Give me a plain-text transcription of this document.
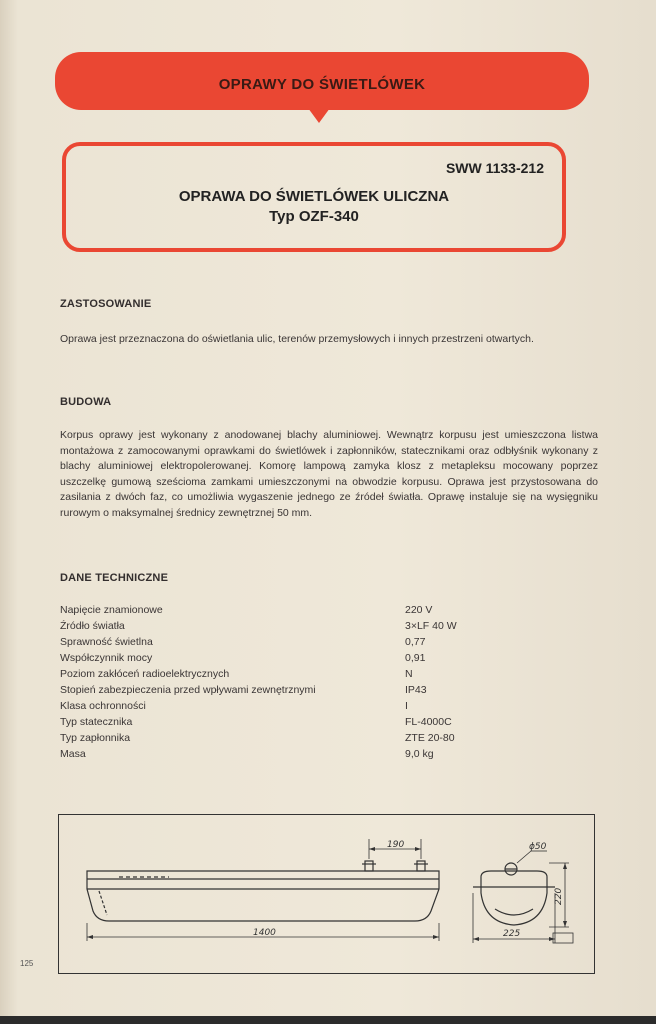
OPRAWY DO ŚWIETLÓWEK
SWW 1133-212
OPRAWA DO ŚWIETLÓWEK ULICZNA
Typ OZF-340
ZASTOSOWANIE
Oprawa jest przeznaczona do oświetlania ulic, terenów przemysłowych i innych przestrzeni otwartych.
BUDOWA
Korpus oprawy jest wykonany z anodowanej blachy aluminiowej. Wewnątrz korpusu jest umieszczona listwa montażowa z zamocowanymi oprawkami do świetlówek i zapłonników, statecznikami oraz odbłyśnik wykonany z blachy aluminiowej elektropolerowanej. Komorę lampową zamyka klosz z metapleksu mocowany poprzez uszczelkę gumową sześcioma zamkami umieszczonymi na obwodzie korpusu. Oprawa jest przystosowana do zasilania z dwóch faz, co umożliwia wygaszenie jednego ze źródeł światła. Oprawę instaluje się na wysięgniku rurowym o maksymalnej średnicy zewnętrznej 50 mm.
DANE TECHNICZNE
Napięcie znamionowe	220 V
Źródło światła	3×LF 40 W
Sprawność świetlna	0,77
Współczynnik mocy	0,91
Poziom zakłóceń radioelektrycznych	N
Stopień zabezpieczenia przed wpływami zewnętrznymi	IP43
Klasa ochronności	I
Typ statecznika	FL-4000C
Typ zapłonnika	ZTE 20-80
Masa	9,0 kg
190
1400
ϕ50
220
225
125
